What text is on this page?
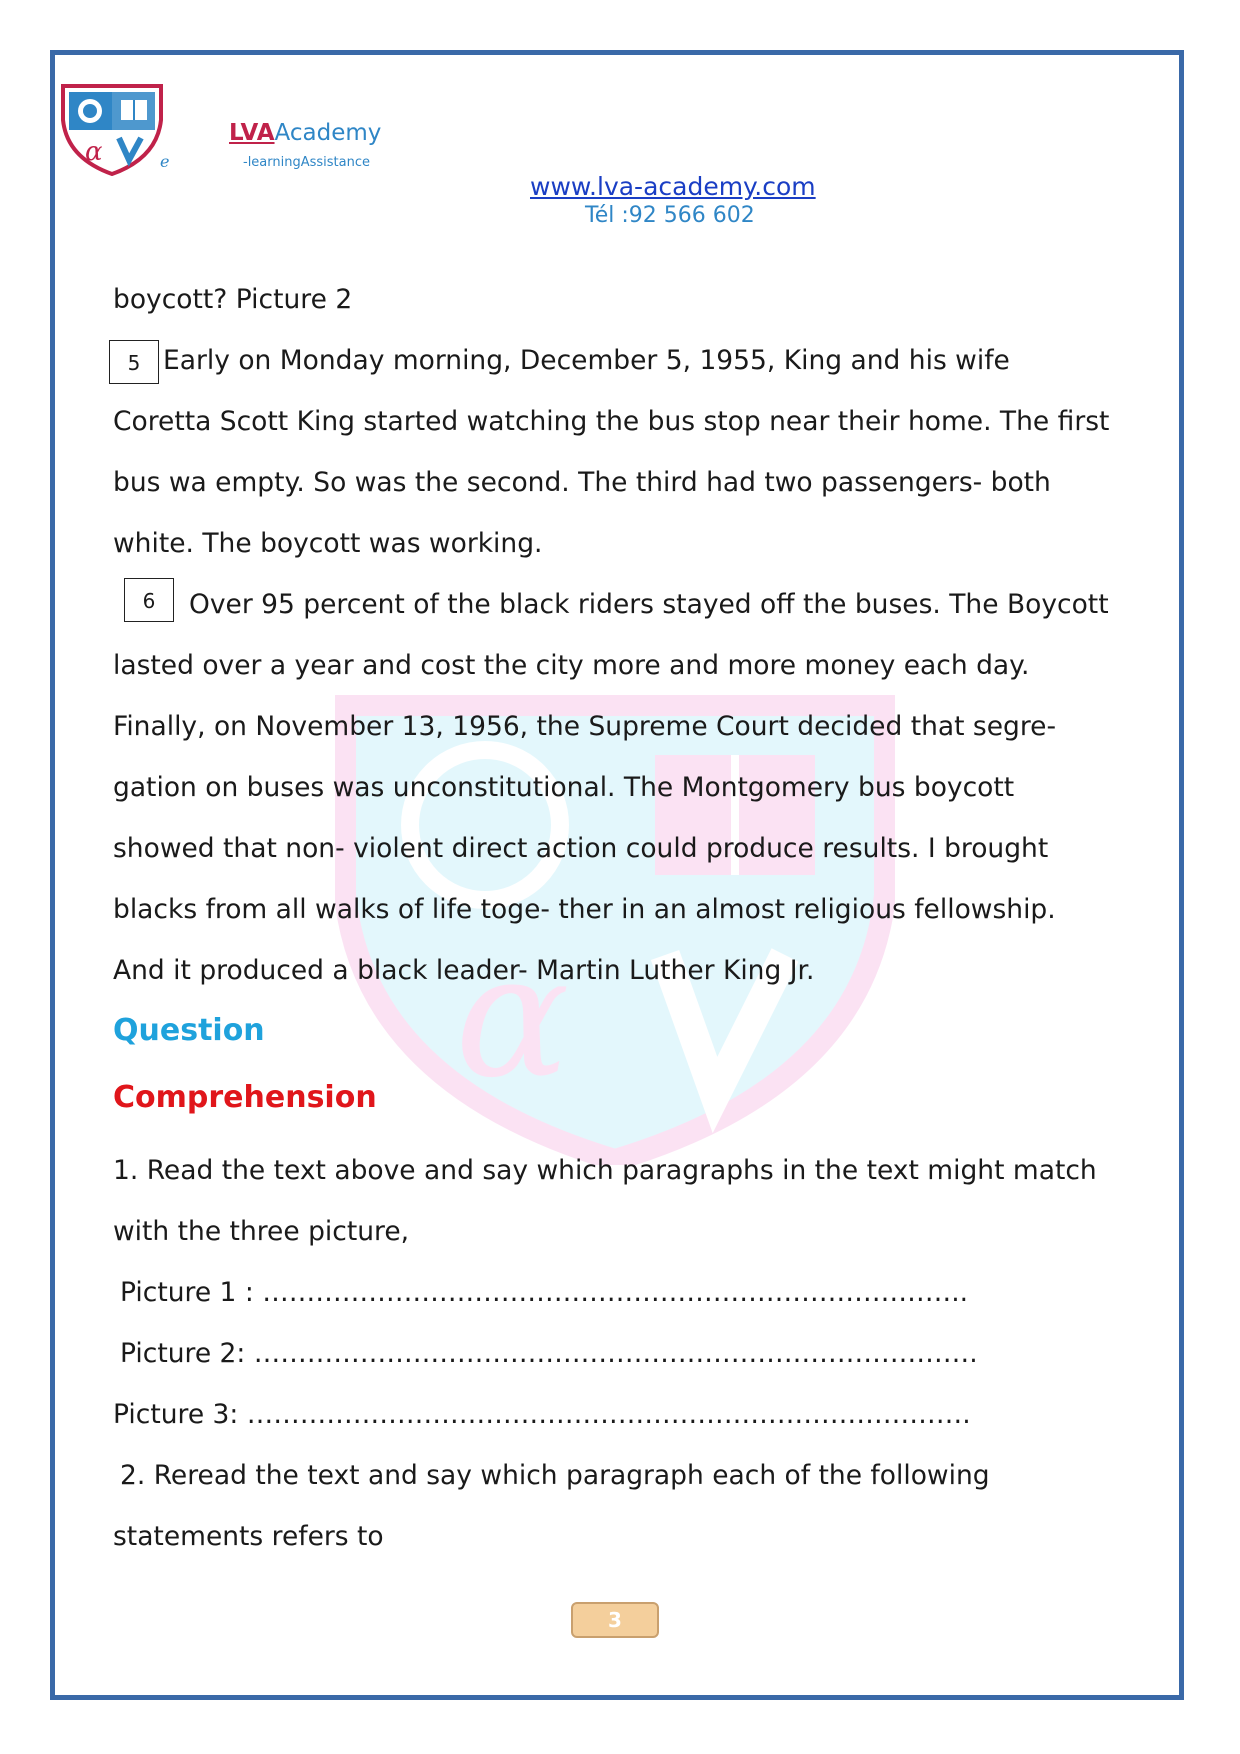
α
LVAAcademy
-learningAssistance
e
www.lva-academy.com
Tél :92 566 602
α
boycott? Picture 2
5 Early on Monday morning, December 5, 1955, King and his wife
Coretta Scott King started watching the bus stop near their home. The first
bus wa empty. So was the second. The third had two passengers- both
white. The boycott was working.
6	Over 95 percent of the black riders stayed off the buses. The Boycott
lasted over a year and cost the city more and more money each day.
Finally, on November 13, 1956, the Supreme Court decided that segre-
gation on buses was unconstitutional. The Montgomery bus boycott
showed that non- violent direct action could produce results. I brought
blacks from all walks of life toge- ther in an almost religious fellowship.
And it produced a black leader- Martin Luther King Jr.
Question
Comprehension
1. Read the text above and say which paragraphs in the text might match
with the three picture,
Picture 1 : ……………………………………………………………………..
Picture 2: ……………………………………………………………………….
Picture 3: ……………………………………………………………………….
2. Reread the text and say which paragraph each of the following
statements refers to
3
